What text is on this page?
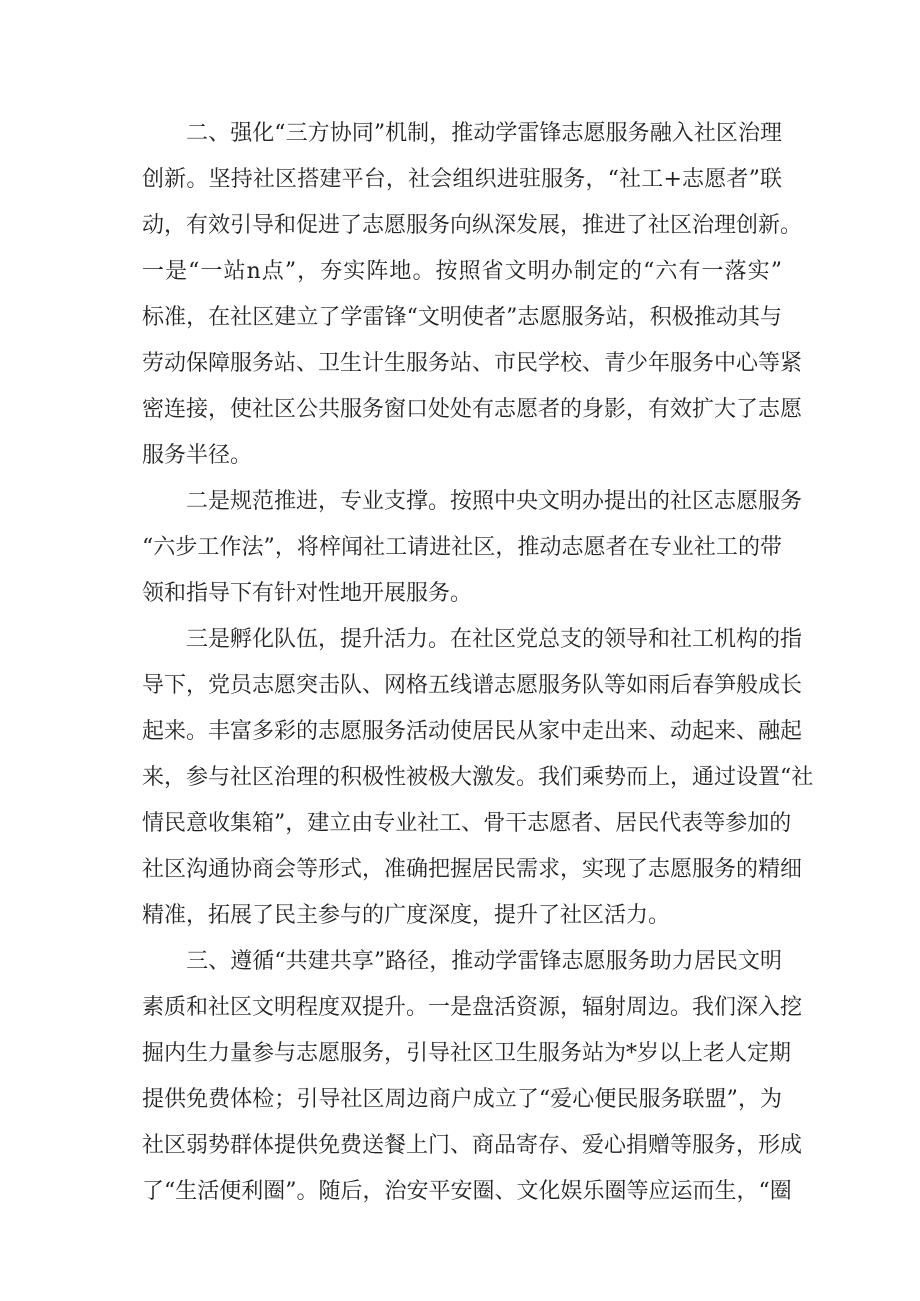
　　二、强化“三方协同”机制，推动学雷锋志愿服务融入社区治理
创新。坚持社区搭建平台，社会组织进驻服务，“社工+志愿者”联
动，有效引导和促进了志愿服务向纵深发展，推进了社区治理创新。
一是“一站n点”，夯实阵地。按照省文明办制定的“六有一落实”
标准，在社区建立了学雷锋“文明使者”志愿服务站，积极推动其与
劳动保障服务站、卫生计生服务站、市民学校、青少年服务中心等紧
密连接，使社区公共服务窗口处处有志愿者的身影，有效扩大了志愿
服务半径。
　　二是规范推进，专业支撑。按照中央文明办提出的社区志愿服务
“六步工作法”，将梓闻社工请进社区，推动志愿者在专业社工的带
领和指导下有针对性地开展服务。
　　三是孵化队伍，提升活力。在社区党总支的领导和社工机构的指
导下，党员志愿突击队、网格五线谱志愿服务队等如雨后春笋般成长
起来。丰富多彩的志愿服务活动使居民从家中走出来、动起来、融起
来，参与社区治理的积极性被极大激发。我们乘势而上，通过设置“社
情民意收集箱”，建立由专业社工、骨干志愿者、居民代表等参加的
社区沟通协商会等形式，准确把握居民需求，实现了志愿服务的精细
精准，拓展了民主参与的广度深度，提升了社区活力。
　　三、遵循“共建共享”路径，推动学雷锋志愿服务助力居民文明
素质和社区文明程度双提升。一是盘活资源，辐射周边。我们深入挖
掘内生力量参与志愿服务，引导社区卫生服务站为*岁以上老人定期
提供免费体检；引导社区周边商户成立了“爱心便民服务联盟”，为
社区弱势群体提供免费送餐上门、商品寄存、爱心捐赠等服务，形成
了“生活便利圈”。随后，治安平安圈、文化娱乐圈等应运而生，“圈
